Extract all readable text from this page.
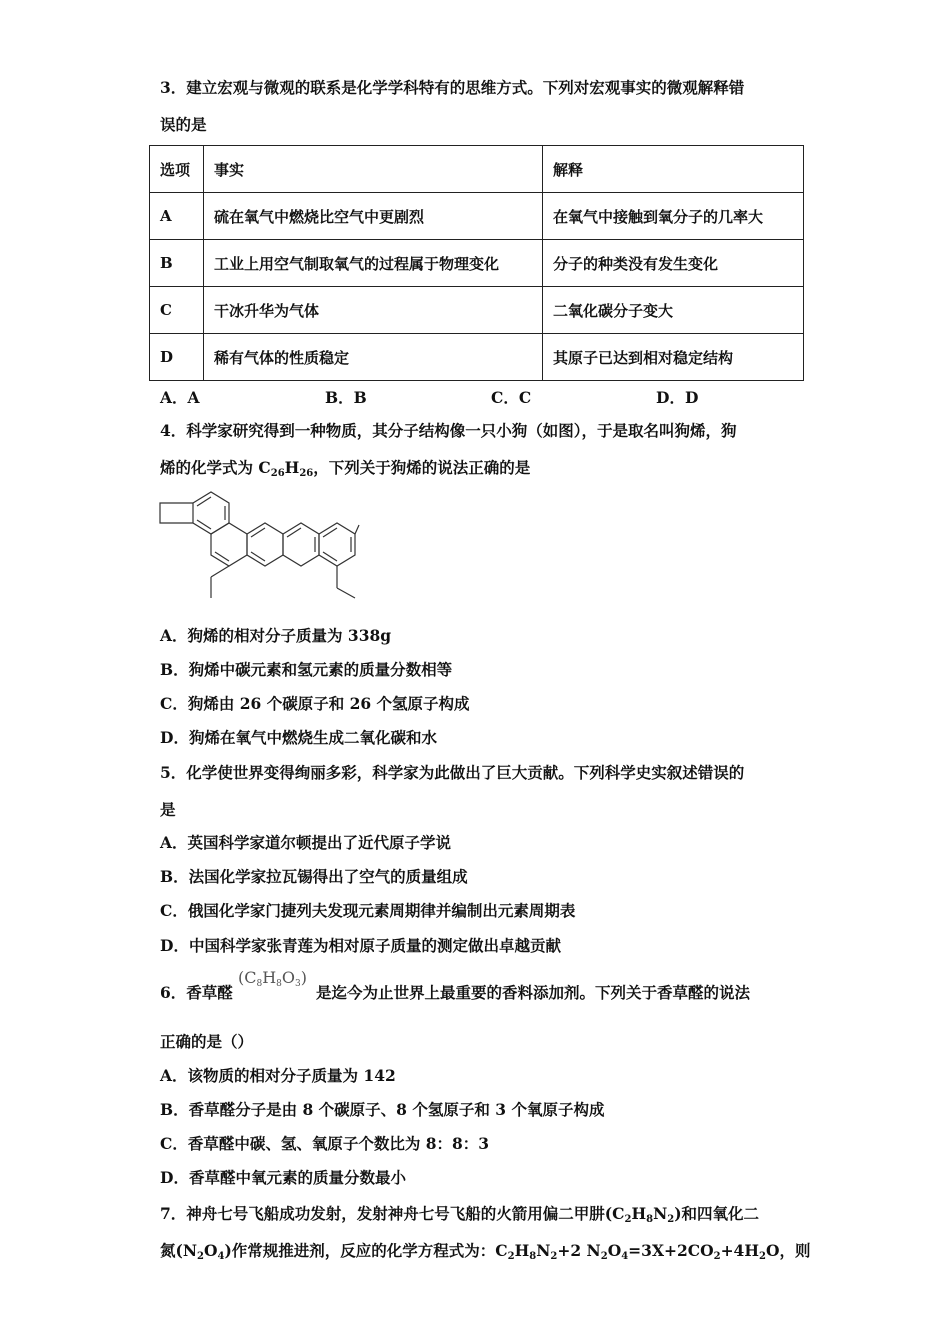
3．建立宏观与微观的联系是化学学科特有的思维方式。下列对宏观事实的微观解释错
误的是
选项	事实	解释
A	硫在氧气中燃烧比空气中更剧烈	在氧气中接触到氧分子的几率大
B	工业上用空气制取氧气的过程属于物理变化	分子的种类没有发生变化
C	干冰升华为气体	二氧化碳分子变大
D	稀有气体的性质稳定	其原子已达到相对稳定结构
A．A	B．B	C．C	D．D
4．科学家研究得到一种物质，其分子结构像一只小狗（如图），于是取名叫狗烯，狗
烯的化学式为 $C_{26}H_{26}$，下列关于狗烯的说法正确的是
A．狗烯的相对分子质量为 338g
B．狗烯中碳元素和氢元素的质量分数相等
C．狗烯由 26 个碳原子和 26 个氢原子构成
D．狗烯在氧气中燃烧生成二氧化碳和水
5．化学使世界变得绚丽多彩，科学家为此做出了巨大贡献。下列科学史实叙述错误的
是
A．英国科学家道尔顿提出了近代原子学说
B．法国化学家拉瓦锡得出了空气的质量组成
C．俄国化学家门捷列夫发现元素周期律并编制出元素周期表
D．中国科学家张青莲为相对原子质量的测定做出卓越贡献
6．香草醛
$(C_8H_8O_3)$
是迄今为止世界上最重要的香料添加剂。下列关于香草醛的说法
正确的是（）
A．该物质的相对分子质量为 142
B．香草醛分子是由 8 个碳原子、8 个氢原子和 3 个氧原子构成
C．香草醛中碳、氢、氧原子个数比为 8：8：3
D．香草醛中氧元素的质量分数最小
7．神舟七号飞船成功发射，发射神舟七号飞船的火箭用偏二甲肼$(C_2H_8N_2)$和四氧化二
氮$(N_2O_4)$作常规推进剂，反应的化学方程式为：$C_2H_8N_2+2$ $N_2O_4=3X+2CO_2+4H_2O$，则
